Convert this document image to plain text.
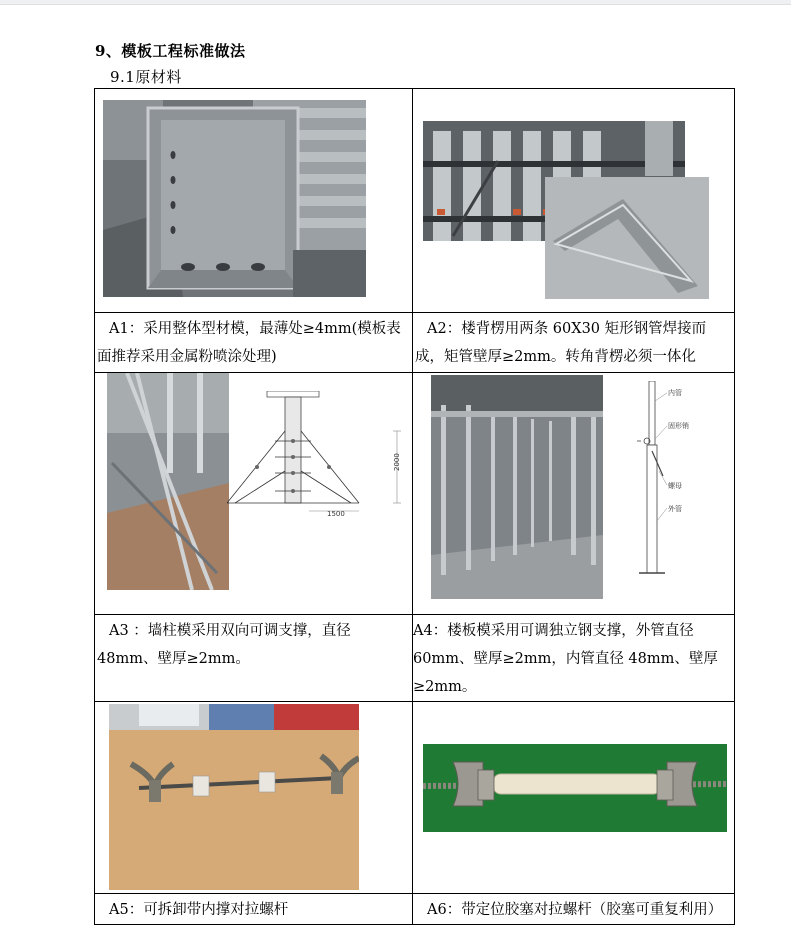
9、模板工程标准做法
9.1原材料

A1：采用整体型材模，最薄处≥4mm(模板表面推荐采用金属粉喷涂处理)	A2：楼背楞用两条 60X30 矩形钢管焊接而成，矩管壁厚≥2mm。转角背楞必须一体化

2000
1500	内管
固形销
螺母
外管

A3 ：墙柱模采用双向可调支撑，直径 48mm、壁厚≥2mm。	A4：楼板模采用可调独立钢支撑，外管直径 60mm、壁厚≥2mm，内管直径 48mm、壁厚≥2mm。

A5：可拆卸带内撑对拉螺杆	A6：带定位胶塞对拉螺杆（胶塞可重复利用）
